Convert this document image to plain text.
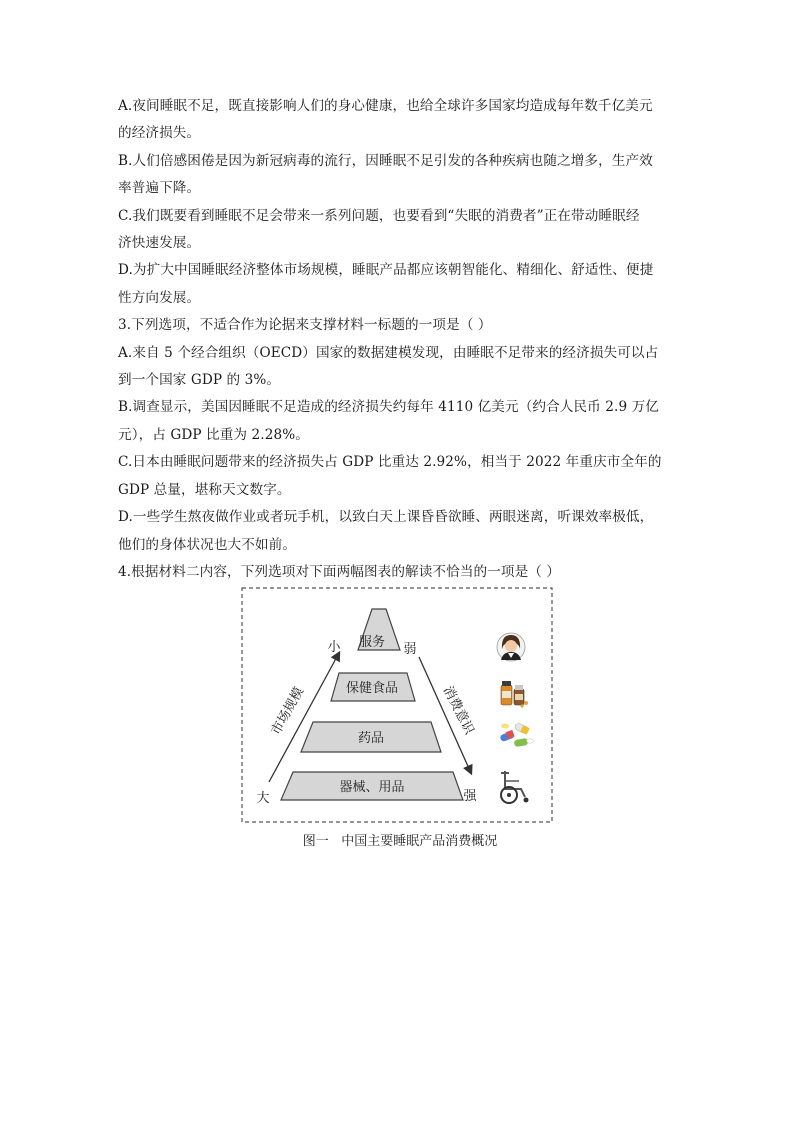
A.夜间睡眠不足，既直接影响人们的身心健康，也给全球许多国家均造成每年数千亿美元
的经济损失。
B.人们倍感困倦是因为新冠病毒的流行，因睡眠不足引发的各种疾病也随之增多，生产效
率普遍下降。
C.我们既要看到睡眠不足会带来一系列问题，也要看到“失眠的消费者”正在带动睡眠经
济快速发展。
D.为扩大中国睡眠经济整体市场规模，睡眠产品都应该朝智能化、精细化、舒适性、便捷
性方向发展。
3.下列选项，不适合作为论据来支撑材料一标题的一项是（ ）
A.来自 5 个经合组织（OECD）国家的数据建模发现，由睡眠不足带来的经济损失可以占
到一个国家 GDP 的 3%。
B.调查显示，美国因睡眠不足造成的经济损失约每年 4110 亿美元（约合人民币 2.9 万亿
元），占 GDP 比重为 2.28%。
C.日本由睡眠问题带来的经济损失占 GDP 比重达 2.92%，相当于 2022 年重庆市全年的
GDP 总量，堪称天文数字。
D.一些学生熬夜做作业或者玩手机，以致白天上课昏昏欲睡、两眼迷离，听课效率极低，
他们的身体状况也大不如前。
4.根据材料二内容，下列选项对下面两幅图表的解读不恰当的一项是（ ）
服务
保健食品
药品
器械、用品
小
大
市场规模
弱
强
消费意识
图一   中国主要睡眠产品消费概况
